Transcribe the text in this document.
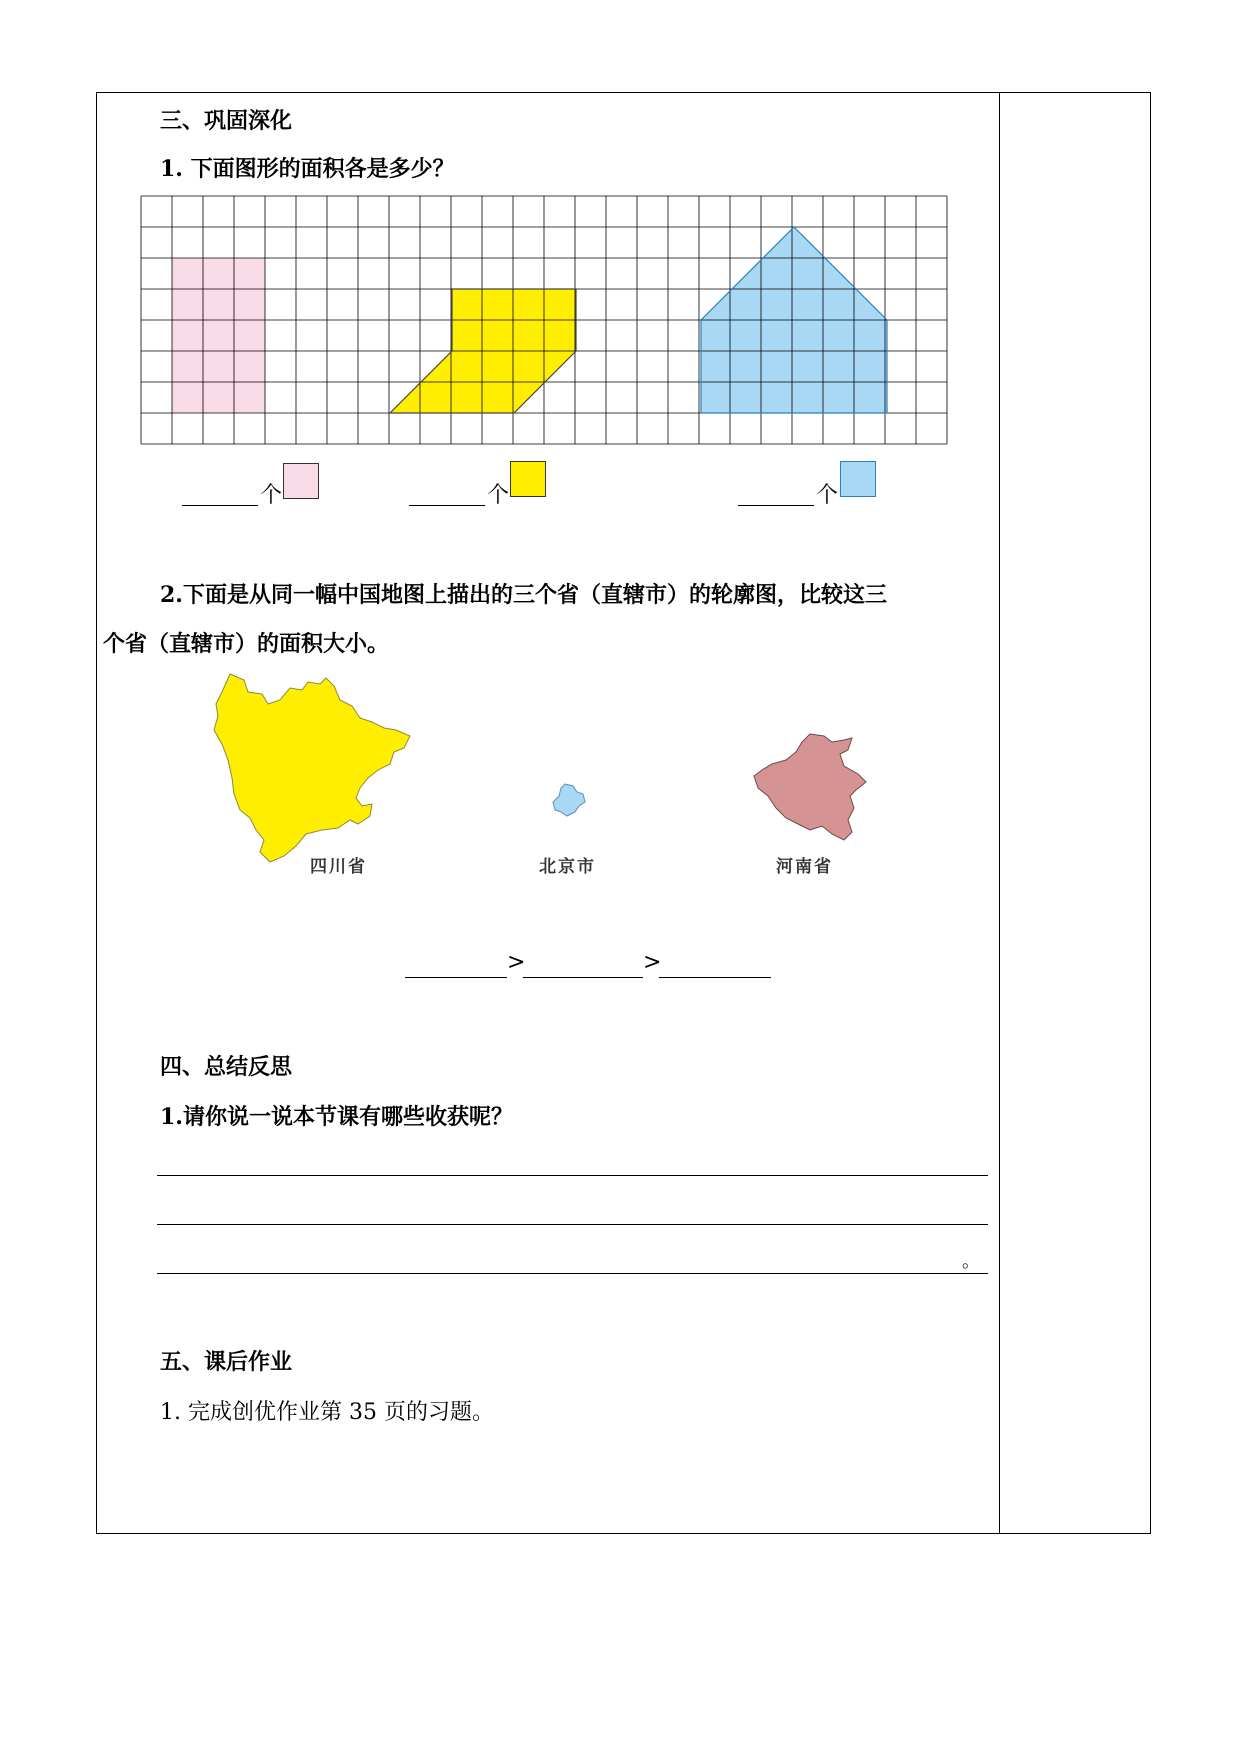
三、巩固深化
1. 下面图形的面积各是多少？
个	个	个
2.下面是从同一幅中国地图上描出的三个省（直辖市）的轮廓图，比较这三
个省（直辖市）的面积大小。
四川省	北京市	河南省
>	>
四、总结反思
1.请你说一说本节课有哪些收获呢？
。
五、课后作业
1. 完成创优作业第 35 页的习题。
